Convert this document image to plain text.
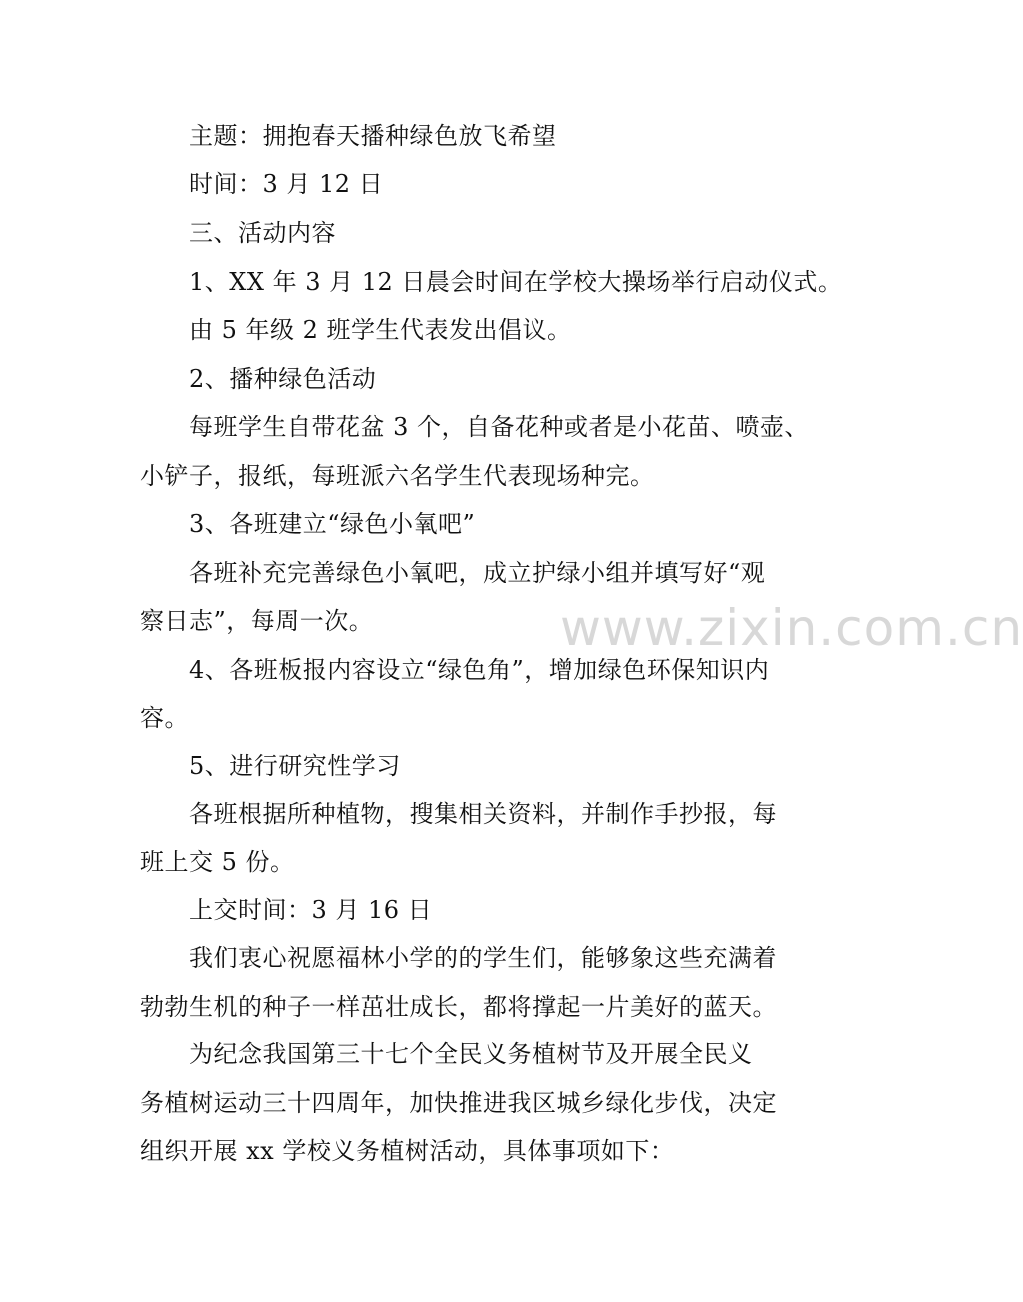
www.zixin.com.cn
主题：拥抱春天播种绿色放飞希望
时间：3 月 12 日
三、活动内容
1、XX 年 3 月 12 日晨会时间在学校大操场举行启动仪式。
由 5 年级 2 班学生代表发出倡议。
2、播种绿色活动
每班学生自带花盆 3 个，自备花种或者是小花苗、喷壶、
小铲子，报纸，每班派六名学生代表现场种完。
3、各班建立“绿色小氧吧”
各班补充完善绿色小氧吧，成立护绿小组并填写好“观
察日志”，每周一次。
4、各班板报内容设立“绿色角”，增加绿色环保知识内
容。
5、进行研究性学习
各班根据所种植物，搜集相关资料，并制作手抄报，每
班上交 5 份。
上交时间：3 月 16 日
我们衷心祝愿福林小学的的学生们，能够象这些充满着
勃勃生机的种子一样茁壮成长，都将撑起一片美好的蓝天。
为纪念我国第三十七个全民义务植树节及开展全民义
务植树运动三十四周年，加快推进我区城乡绿化步伐，决定
组织开展 xx 学校义务植树活动，具体事项如下：
